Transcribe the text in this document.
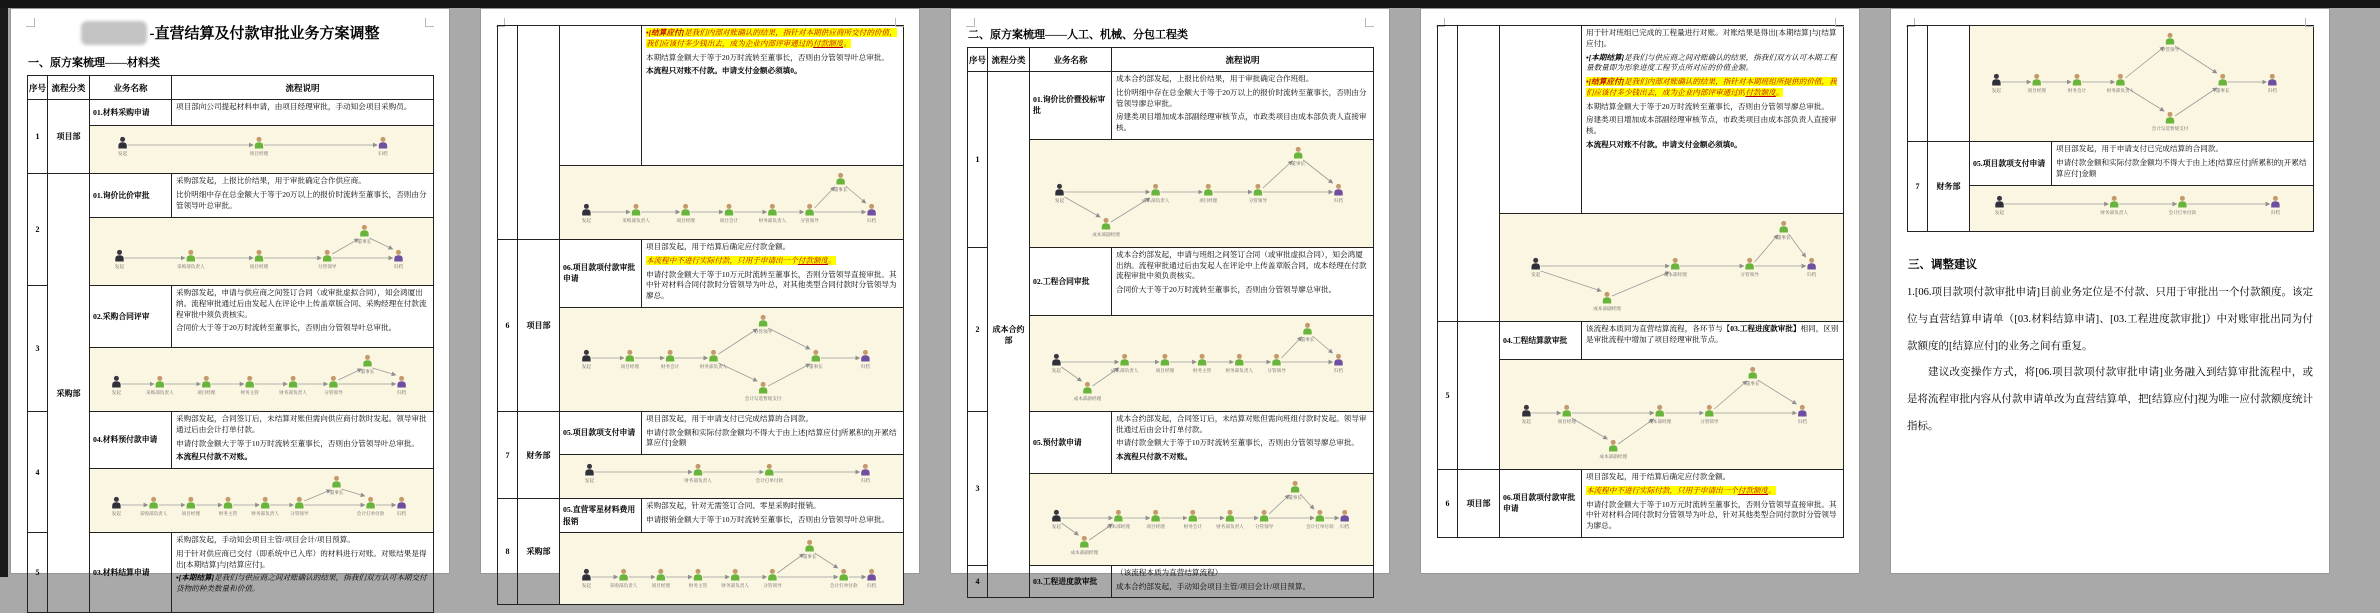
-直营结算及付款审批业务方案调整
一、原方案梳理——材料类
序号	流程分类	业务名称	流程说明
1	项目部	01.材料采购申请	项目部向公司提起材料申请，由项目经理审批，手动知会项目采购员。

发起 项目经理 归档	

2	采购部	01.询价比价审批	采购部发起，上报比价结果，用于审批确定合作供应商。
比价明细中存在总金额大于等于20万以上的报价时流转至董事长，否则由分管领导叶总审批。

发起	采购部负责人	项目经理	分管领导
董事长
归档

3		02.采购合同评审	采购部发起，申请与供应商之间签订合同（或审批虚拟合同），知会鸿厦出纳。流程审批通过后由发起人在评论中上传盖章版合同、采购经理在付款流程审批中须负责核实。
合同价大于等于20万时流转至董事长，否则由分管领导叶总审批。

发起	采购部负责人	项目经理	财务主管	财务部负责人	分管领导
董事长
归档

4		04.材料预付款申请	采购部发起，合同签订后，未结算对账但需向供应商付款时发起。领导审批通过后由会计打单付款。
申请付款金额大于等于10万时流转至董事长，否则由分管领导叶总审批。
本流程只付款不对账。

发起	采购部负责人	项目经理	财务主管	财务部负责人 分管领导
董事长
会计打单付款	归档

5		03.材料结算申请	采购部发起，手动知会项目主管/项目会计/项目预算。
用于针对供应商已交付（即系统中已入库）的材料进行对账。对账结果是得出[本期结算]与[结算应付]。
•[本期结算]是我们与供应商之间对账确认的结果，指我们双方认可本期交付货物的种类数量和价值。

			•[结算应付]是我们内部对账确认的结果，指针对本期供应商所交付的价值，我们应该付多少钱出去，成为企业内部评审通过的付款额度。
本期结算金额大于等于20万时流转至董事长，否则由分管领导叶总审批。
本流程只对账不付款。申请支付金额必须填0。

发起	采购部负责人	项目经理	项目会计	财务部负责人	分管领导
董事长
归档

6	项目部	06.项目款项付款审批申请	项目部发起，用于结算后确定应付款金额。
本流程中不进行实际付款，只用于申请出一个付款额度。
申请付款金额大于等于10万元时流转至董事长，否则分管领导直接审批。其中针对材料合同付款时分管领导为叶总，对其他类型合同付款时分管领导为廖总。

发起	项目经理	财务会计	财务部负责人
分管领导
会计勾选暂缓支付
董事长	归档

7	财务部	05.项目款项支付申请	项目部发起，用于申请支付已完成结算的合同款。
申请付款金额和实际付款金额均不得大于由上述[结算应付]所累积的[开累结算应付]金额

发起 财务部负责人 会计打单付款 归档	

8	采购部	05.直营零星材料费用报销	采购部发起，针对无需签订合同、零星采购时报销。
申请报销金额大于等于10万时流转至董事长，否则由分管领导叶总审批。

发起	采购部负责人	项目经理	财务主管	财务部负责人	分管领导
董事长
会计打单付款 归档
二、原方案梳理——人工、机械、分包工程类
序号	流程分类	业务名称	流程说明
1	成本合约部	01.询价比价暨投标审批	成本合约部发起，上报比价结果，用于审批确定合作班组。
比价明细中存在总金额大于等于20万以上的报价时流转至董事长，否则由分管领导廖总审批。
房建类项目增加成本部副经理审核节点，市政类项目由成本部负责人直接审核。

发起
成本部副经理
成本部负责人	项目经理	分管领导
董事长
归档

2		02.工程合同审批	成本合约部发起，申请与班组之间签订合同（或审批虚拟合同），知会鸿厦出纳。流程审批通过后由发起人在评论中上传盖章版合同，成本经理在付款流程审批中须负责核实。
合同价大于等于20万时流转至董事长，否则由分管领导廖总审批。

发起
成本部副经理
成本部负责人	项目经理	财务主管	财务部负责人	分管领导
董事长
归档

3		05.预付款申请	成本合约部发起，合同签订后，未结算对账但需向班组付款时发起。领导审批通过后由会计打单付款。
申请付款金额大于等于10万时流转至董事长，否则由分管领导廖总审批。
本流程只付款不对账。

发起
成本部副经理
成本部经理	项目经理	财务会计	财务部负责人 分管领导
董事长
会计打单付款 归档

4		03.工程进度款审批	（该流程本质为直营结算流程）
成本合约部发起，手动知会项目主管/项目会计/项目预算。

用于针对班组已完成的工程量进行对账。对账结果是得出[本期结算]与[结算应付]。
•[本期结算]是我们与供应商之间对账确认的结果，指我们双方认可本期工程量数量即为形象进度工程节点所对应的价值金额。
•[结算应付]是我们内部对账确认的结果，指针对本期班组所提供的价值，我们应该付多少钱出去，成为企业内部评审通过的付款额度。
本期结算金额大于等于20万时流转至董事长，否则由分管领导廖总审批。
房建类项目增加成本部副经理审核节点，市政类项目由成本部负责人直接审核。
本流程只对账不付款。申请支付金额必须填0。

发起
成本部副经理
成本部经理	分管领导
董事长
归档

5		04.工程结算款审批	该流程本质同为直营结算流程，各环节与【03.工程进度款审批】相同，区别是审批流程中增加了项目经理审批节点。

发起	项目经理
成本部副经理
成本部经理	分管领导
董事长
归档

6	项目部	06.项目款项付款审批申请	项目部发起，用于结算后确定应付款金额。
本流程中不进行实际付款，只用于申请出一个付款额度。
申请付款金额大于等于10万元时流转至董事长，否则分管领导直接审批。其中针对材料合同付款时分管领导为叶总，针对其他类型合同付款时分管领导为廖总。

发起	项目经理	财务会计	财务部负责人
分管领导
会计勾选暂缓支付
董事长	归档

7	财务部	05.项目款项支付申请	项目部发起，用于申请支付已完成结算的合同款。
申请付款金额和实际付款金额均不得大于由上述[结算应付]所累积的[开累结算应付]金额

发起 财务部负责人 会计打单付款 归档	
三、调整建议

1.[06.项目款项付款审批申请]目前业务定位是不付款、只用于审批出一个付款额度。该定位与直营结算申请单（[03.材料结算申请]、[03.工程进度款审批]）中对账审批出同为付款额度的[结算应付]的业务之间有重复。

建议改变操作方式，将[06.项目款项付款审批申请]业务融入到结算审批流程中，或是将流程审批内容从付款申请单改为直营结算单，把[结算应付]视为唯一应付款额度统计指标。
